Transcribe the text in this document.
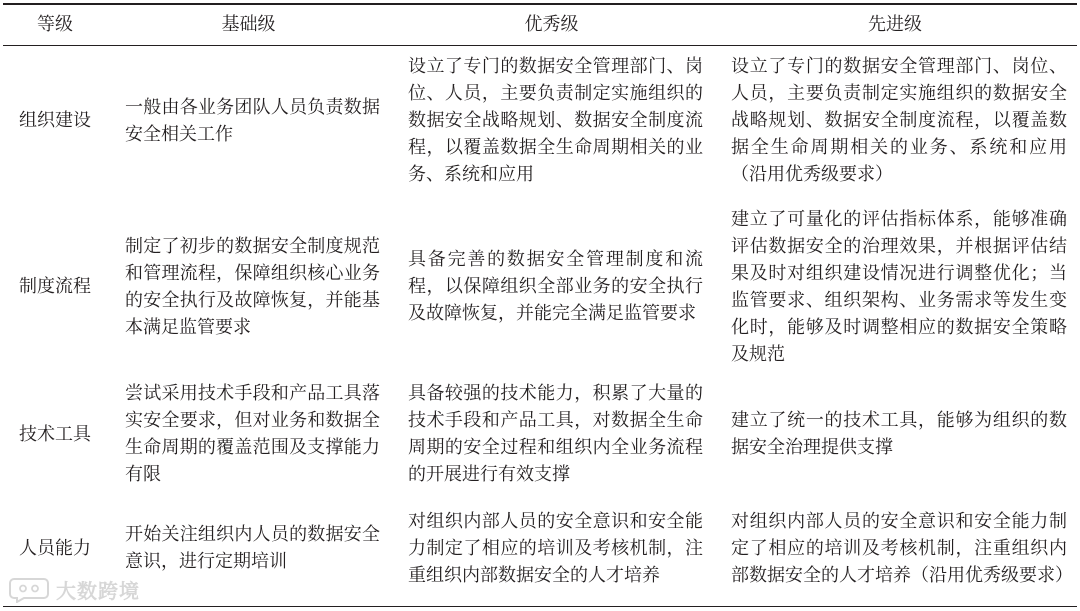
等级	基础级	优秀级	先进级
组织建设	一般由各业务团队人员负责数据安全相关工作	设立了专门的数据安全管理部门、岗位、人员，主要负责制定实施组织的数据安全战略规划、数据安全制度流程，以覆盖数据全生命周期相关的业务、系统和应用	设立了专门的数据安全管理部门、岗位、人员，主要负责制定实施组织的数据安全战略规划、数据安全制度流程，以覆盖数据全生命周期相关的业务、系统和应用（沿用优秀级要求）
制度流程	制定了初步的数据安全制度规范和管理流程，保障组织核心业务的安全执行及故障恢复，并能基本满足监管要求	具备完善的数据安全管理制度和流程，以保障组织全部业务的安全执行及故障恢复，并能完全满足监管要求	建立了可量化的评估指标体系，能够准确评估数据安全的治理效果，并根据评估结果及时对组织建设情况进行调整优化；当监管要求、组织架构、业务需求等发生变化时，能够及时调整相应的数据安全策略及规范
技术工具	尝试采用技术手段和产品工具落实安全要求，但对业务和数据全生命周期的覆盖范围及支撑能力有限	具备较强的技术能力，积累了大量的技术手段和产品工具，对数据全生命周期的安全过程和组织内全业务流程的开展进行有效支撑	建立了统一的技术工具，能够为组织的数据安全治理提供支撑
人员能力	开始关注组织内人员的数据安全意识，进行定期培训	对组织内部人员的安全意识和安全能力制定了相应的培训及考核机制，注重组织内部数据安全的人才培养	对组织内部人员的安全意识和安全能力制定了相应的培训及考核机制，注重组织内部数据安全的人才培养（沿用优秀级要求）
大数跨境
